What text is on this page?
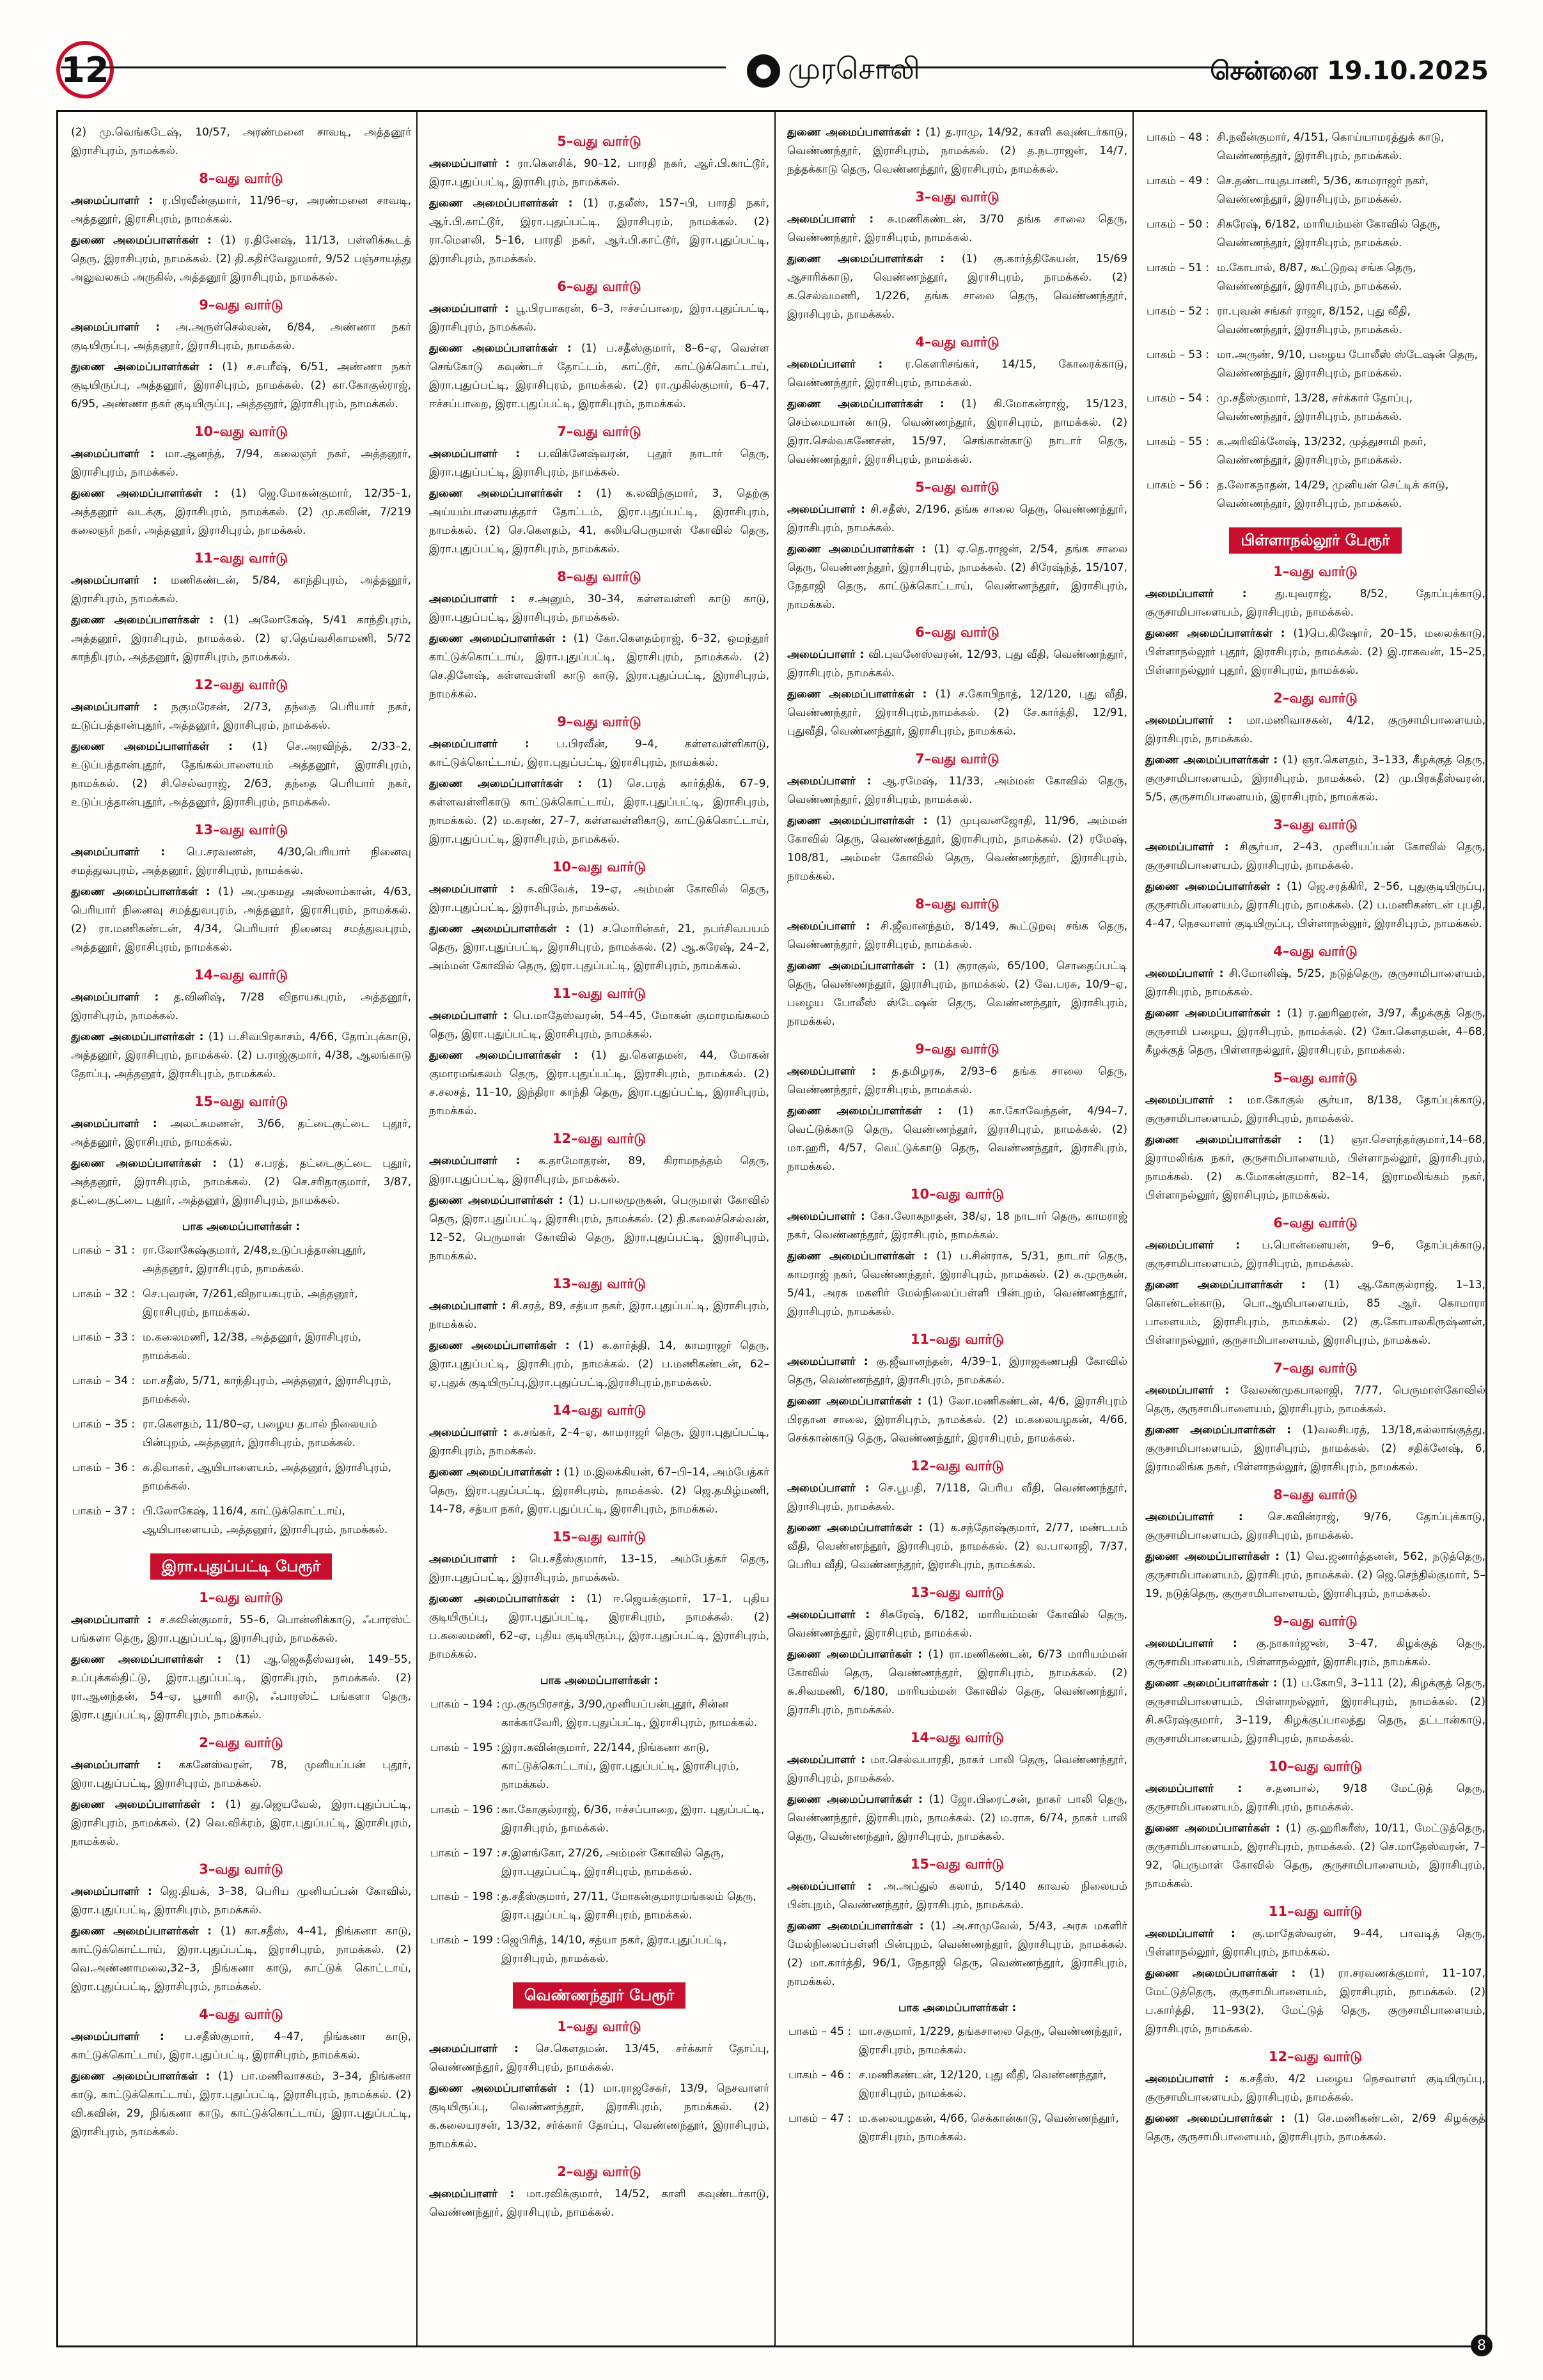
12	● முரசொலி	சென்னை 19.10.2025

(2) மு.வெங்கடேஷ், 10/57, அரண்மனை சாவடி, அத்தனூர் இராசிபுரம், நாமக்கல்.

8–வது வார்டு

அமைப்பாளர் : ர.பிரவீன்குமார், 11/96–ஏ, அரண்மனை சாவடி, அத்தனூர், இராசிபுரம், நாமக்கல்.

துணை அமைப்பாளர்கள் : (1) ர.தினேஷ், 11/13, பள்ளிக்கூடத் தெரு, இராசிபுரம், நாமக்கல். (2) தி.கதிர்வேலுமார், 9/52 பஞ்சாயத்து அலுவலகம் அருகில், அத்தனூர் இராசிபுரம், நாமக்கல்.

9–வது வார்டு

அமைப்பாளர் : அ.அருள்செல்வன், 6/84, அண்ணா நகர் குடியிருப்பு, அத்தனூர், இராசிபுரம், நாமக்கல்.

துணை அமைப்பாளர்கள் : (1) ச.சபரீஷ், 6/51, அண்ணா நகர் குடியிருப்பு, அத்தனூர், இராசிபுரம், நாமக்கல். (2) கா.கோகுல்ராஜ், 6/95, அண்ணா நகர் குடியிருப்பு, அத்தனூர், இராசிபுரம், நாமக்கல்.

10–வது வார்டு

அமைப்பாளர் : மா.ஆனந்த், 7/94, கலைஞர் நகர், அத்தனூர், இராசிபுரம், நாமக்கல்.

துணை அமைப்பாளர்கள் : (1) ஜெ.மோகன்குமார், 12/35–1, அத்தனூர் வடக்கு, இராசிபுரம், நாமக்கல். (2) மு.கவின், 7/219 கலைஞர் நகர், அத்தனூர், இராசிபுரம், நாமக்கல்.

11–வது வார்டு

அமைப்பாளர் : மணிகண்டன், 5/84, காந்திபுரம், அத்தனூர், இராசிபுரம், நாமக்கல்.

துணை அமைப்பாளர்கள் : (1) அலோகேஷ், 5/41 காந்திபுரம், அத்தனூர், இராசிபுரம், நாமக்கல். (2) ஏ.தெய்வசிகாமணி, 5/72 காந்திபுரம், அத்தனூர், இராசிபுரம், நாமக்கல்.

12–வது வார்டு

அமைப்பாளர் : நகுமரேசன், 2/73, தந்தை பெரியார் நகர், உடுப்பத்தான்புதூர், அத்தனூர், இராசிபுரம், நாமக்கல்.

துணை அமைப்பாளர்கள் : (1) செ.அரவிந்த், 2/33–2, உடுப்பத்தான்புதூர், தேங்கல்பாளையம் அத்தனூர், இராசிபுரம், நாமக்கல். (2) சி.செல்வராஜ், 2/63, தந்தை பெரியார் நகர், உடுப்பத்தான்புதூர், அத்தனூர், இராசிபுரம், நாமக்கல்.

13–வது வார்டு

அமைப்பாளர் : பெ.சரவணன், 4/30,பெரியார் நினைவு சமத்துவபுரம், அத்தனூர், இராசிபுரம், நாமக்கல்.

துணை அமைப்பாளர்கள் : (1) அ.முகமது அஸ்லாம்கான், 4/63, பெரியார் நினைவு சமத்துவபுரம், அத்தனூர், இராசிபுரம், நாமக்கல். (2) ரா.மணிகண்டன், 4/34, பெரியார் நினைவு சமத்துவபுரம், அத்தனூர், இராசிபுரம், நாமக்கல்.

14–வது வார்டு

அமைப்பாளர் : த.வினிஷ், 7/28 விநாயகபுரம், அத்தனூர், இராசிபுரம், நாமக்கல்.

துணை அமைப்பாளர்கள் : (1) ப.சிவபிரகாசம், 4/66, தோப்புக்காடு, அத்தனூர், இராசிபுரம், நாமக்கல். (2) ப.ராஜ்குமார், 4/38, ஆலங்காடு தோப்பு, அத்தனூர், இராசிபுரம், நாமக்கல்.

15–வது வார்டு

அமைப்பாளர் : அலட்சுமணன், 3/66, தட்டைகுட்டை புதூர், அத்தனூர், இராசிபுரம், நாமக்கல்.

துணை அமைப்பாளர்கள் : (1) ச.பரத், தட்டைகுட்டை புதூர், அத்தனூர், இராசிபுரம், நாமக்கல். (2) செ.சரிதாகுமார், 3/87, தட்டைகுட்டை புதூர், அத்தனூர், இராசிபுரம், நாமக்கல்.

பாக அமைப்பாளர்கள் :
பாகம் – 31 :	ரா.லோகேஷ்குமார், 2/48,உடுப்பத்தான்புதூர், அத்தனூர், இராசிபுரம், நாமக்கல்.
பாகம் – 32 :	செ.புவரன், 7/261,விநாயகபுரம், அத்தனூர், இராசிபுரம், நாமக்கல்.
பாகம் – 33 :	ம.கலைமணி, 12/38, அத்தனூர், இராசிபுரம், நாமக்கல்.
பாகம் – 34 :	மா.சதீஸ், 5/71, காந்திபுரம், அத்தனூர், இராசிபுரம், நாமக்கல்.
பாகம் – 35 :	ரா.கௌதம், 11/80–ஏ, பழைய தபால் நிலையம் பின்புறம், அத்தனூர், இராசிபுரம், நாமக்கல்.
பாகம் – 36 :	க.திவாகர், ஆயிபாளையம், அத்தனூர், இராசிபுரம், நாமக்கல்.
பாகம் – 37 :	பி.லோகேஷ், 116/4, காட்டுக்கொட்டாய், ஆயிபாளையம், அத்தனூர், இராசிபுரம், நாமக்கல்.
இரா.புதுப்பட்டி பேரூர்
1–வது வார்டு

அமைப்பாளர் : ச.கவின்குமார், 55–6, பொன்னிக்காடு, ஃபாரஸ்ட் பங்களா தெரு, இரா.புதுப்பட்டி, இராசிபுரம், நாமக்கல்.

துணை அமைப்பாளர்கள் : (1) ஆ.ஜெகதீஸ்வரன், 149–55, உப்புக்கல்திட்டு, இரா.புதுப்பட்டி, இராசிபுரம், நாமக்கல். (2) ரா.ஆனந்தன், 54–ஏ, பூசாரி காடு, ஃபாரஸ்ட் பங்களா தெரு, இரா.புதுப்பட்டி, இராசிபுரம், நாமக்கல்.

2–வது வார்டு

அமைப்பாளர் : ககனேஸ்வரன், 78, முனியப்பன் புதூர், இரா.புதுப்பட்டி, இராசிபுரம், நாமக்கல்.

துணை அமைப்பாளர்கள் : (1) து.ஜெயவேல், இரா.புதுப்பட்டி, இராசிபுரம், நாமக்கல். (2) வெ.விக்ரம், இரா.புதுப்பட்டி, இராசிபுரம், நாமக்கல்.

3–வது வார்டு

அமைப்பாளர் : ஜெ.தியக், 3–38, பெரிய முனியப்பன் கோவில், இரா.புதுப்பட்டி, இராசிபுரம், நாமக்கல்.

துணை அமைப்பாளர்கள் : (1) கா.சதீஸ், 4–41, நிங்கனா காடு, காட்டுக்கொட்டாய், இரா.புதுப்பட்டி, இராசிபுரம், நாமக்கல். (2) வெ.அண்ணாமலை,32–3, நிங்கனா காடு, காட்டுக் கொட்டாய், இரா.புதுப்பட்டி, இராசிபுரம், நாமக்கல்.

4–வது வார்டு

அமைப்பாளர் : ப.சதீஸ்குமார், 4–47, நிங்கனா காடு, காட்டுக்கொட்டாய், இரா.புதுப்பட்டி, இராசிபுரம், நாமக்கல்.

துணை அமைப்பாளர்கள் : (1) பா.மணிவாசகம், 3–34, நிங்கனா காடு, காட்டுக்கொட்டாய், இரா.புதுப்பட்டி, இராசிபுரம், நாமக்கல். (2) வி.கவின், 29, நிங்கனா காடு, காட்டுக்கொட்டாய், இரா.புதுப்பட்டி, இராசிபுரம், நாமக்கல்.

5–வது வார்டு

அமைப்பாளர் : ரா.கௌசிக், 90–12, பாரதி நகர், ஆர்.பி.காட்டூர், இரா.புதுப்பட்டி, இராசிபுரம், நாமக்கல்.

துணை அமைப்பாளர்கள் : (1) ர.தலீஸ், 157–பி, பாரதி நகர், ஆர்.பி.காட்டூர், இரா.புதுப்பட்டி, இராசிபுரம், நாமக்கல். (2) ரா.மௌலி, 5–16, பாரதி நகர், ஆர்.பி.காட்டூர், இரா.புதுப்பட்டி, இராசிபுரம், நாமக்கல்.

6–வது வார்டு

அமைப்பாளர் : பூ.பிரபாகரன், 6–3, ஈச்சப்பாறை, இரா.புதுப்பட்டி, இராசிபுரம், நாமக்கல்.

துணை அமைப்பாளர்கள் : (1) ப.சதீஸ்குமார், 8–6–ஏ, வெள்ள செங்கோடு கவுண்டர் தோட்டம், காட்டூர், காட்டுக்கொட்டாய், இரா.புதுப்பட்டி, இராசிபுரம், நாமக்கல். (2) ரா.முகில்குமார், 6–47, ஈச்சப்பாறை, இரா.புதுப்பட்டி, இராசிபுரம், நாமக்கல்.

7–வது வார்டு

அமைப்பாளர் : ப.விக்னேஷ்வரன், புதூர் நாடார் தெரு, இரா.புதுப்பட்டி, இராசிபுரம், நாமக்கல்.

துணை அமைப்பாளர்கள் : (1) க.லவிந்குமார், 3, தெற்கு அய்யம்பாளையத்தார் தோட்டம், இரா.புதுப்பட்டி, இராசிபுரம், நாமக்கல். (2) செ.கௌதம், 41, கலியபெருமாள் கோவில் தெரு, இரா.புதுப்பட்டி, இராசிபுரம், நாமக்கல்.

8–வது வார்டு

அமைப்பாளர் : ச.அனும், 30–34, கள்ளவள்ளி காடு காடு, இரா.புதுப்பட்டி, இராசிபுரம், நாமக்கல்.

துணை அமைப்பாளர்கள் : (1) கோ.கௌதம்ராஜ், 6–32, ஒமந்தூர் காட்டுக்கொட்டாய், இரா.புதுப்பட்டி, இராசிபுரம், நாமக்கல். (2) செ.தினேஷ், கள்ளவள்ளி காடு காடு, இரா.புதுப்பட்டி, இராசிபுரம், நாமக்கல்.

9–வது வார்டு

அமைப்பாளர் : ப.பிரவீன், 9–4, கள்ளவள்ளிகாடு, காட்டுக்கொட்டாய், இரா.புதுப்பட்டி, இராசிபுரம், நாமக்கல்.

துணை அமைப்பாளர்கள் : (1) செ.பரத் கார்த்திக், 67–9, கள்ளவள்ளிகாடு காட்டுக்கொட்டாய், இரா.புதுப்பட்டி, இராசிபுரம், நாமக்கல். (2) ம.கரண், 27–7, கள்ளவள்ளிகாடு, காட்டுக்கொட்டாய், இரா.புதுப்பட்டி, இராசிபுரம், நாமக்கல்.

10–வது வார்டு

அமைப்பாளர் : க.விவேக், 19–ஏ, அம்மன் கோவில் தெரு, இரா.புதுப்பட்டி, இராசிபுரம், நாமக்கல்.

துணை அமைப்பாளர்கள் : (1) ச.மொரின்கர், 21, நபர்சிவபயம் தெரு, இரா.புதுப்பட்டி, இராசிபுரம், நாமக்கல். (2) ஆ.சுரேஷ், 24–2, அம்மன் கோவில் தெரு, இரா.புதுப்பட்டி, இராசிபுரம், நாமக்கல்.

11–வது வார்டு

அமைப்பாளர் : பெ.மாதேஸ்வரன், 54–45, மோகன் குமாரமங்கலம் தெரு, இரா.புதுப்பட்டி, இராசிபுரம், நாமக்கல்.

துணை அமைப்பாளர்கள் : (1) து.கௌதமன், 44, மோகன் குமாரமங்கலம் தெரு, இரா.புதுப்பட்டி, இராசிபுரம், நாமக்கல். (2) ச.சலசத், 11–10, இந்திரா காந்தி தெரு, இரா.புதுப்பட்டி, இராசிபுரம், நாமக்கல்.

12–வது வார்டு

அமைப்பாளர் : க.தாமோதரன், 89, கிராமநத்தம் தெரு, இரா.புதுப்பட்டி, இராசிபுரம், நாமக்கல்.

துணை அமைப்பாளர்கள் : (1) ப.பாலமுருகன், பெருமாள் கோவில் தெரு, இரா.புதுப்பட்டி, இராசிபுரம், நாமக்கல். (2) தி.கலைச்செல்வன், 12–52, பெருமாள் கோவில் தெரு, இரா.புதுப்பட்டி, இராசிபுரம், நாமக்கல்.

13–வது வார்டு

அமைப்பாளர் : சி.சரத், 89, சத்யா நகர், இரா.புதுப்பட்டி, இராசிபுரம், நாமக்கல்.

துணை அமைப்பாளர்கள் : (1) க.கார்த்தி, 14, காமராஜர் தெரு, இரா.புதுப்பட்டி, இராசிபுரம், நாமக்கல். (2) ப.மணிகண்டன், 62–ஏ,புதுக் குடியிருப்பு,இரா.புதுப்பட்டி,இராசிபுரம்,நாமக்கல்.

14–வது வார்டு

அமைப்பாளர் : க.சங்கர், 2–4–ஏ, காமராஜர் தெரு, இரா.புதுப்பட்டி, இராசிபுரம், நாமக்கல்.

துணை அமைப்பாளர்கள் : (1) ம.இலக்கியன், 67–பி–14, அம்பேத்கர் தெரு, இரா.புதுப்பட்டி, இராசிபுரம், நாமக்கல். (2) ஜெ.தமிழ்மணி, 14–78, சத்யா நகர், இரா.புதுப்பட்டி, இராசிபுரம், நாமக்கல்.

15–வது வார்டு

அமைப்பாளர் : பெ.சதீஸ்குமார், 13–15, அம்பேத்கர் தெரு, இரா.புதுப்பட்டி, இராசிபுரம், நாமக்கல்.

துணை அமைப்பாளர்கள் : (1) ஈ.ஜெயக்குமார், 17–1, புதிய குடியிருப்பு, இரா.புதுப்பட்டி, இராசிபுரம், நாமக்கல். (2) ப.கலைமணி, 62–ஏ, புதிய குடியிருப்பு, இரா.புதுப்பட்டி, இராசிபுரம், நாமக்கல்.

பாக அமைப்பாளர்கள் :
பாகம் – 194 :	மு.குருபிரசாத், 3/90,முனியப்பன்புதூர், சின்ன காக்காவேரி, இரா.புதுப்பட்டி, இராசிபுரம், நாமக்கல்.
பாகம் – 195 :	இரா.கவின்குமார், 22/144, நிங்கனா காடு, காட்டுக்கொட்டாய், இரா.புதுப்பட்டி, இராசிபுரம், நாமக்கல்.
பாகம் – 196 :	கா.கோகுல்ராஜ், 6/36, ஈச்சப்பாறை, இரா. புதுப்பட்டி, இராசிபுரம், நாமக்கல்.
பாகம் – 197 :	ச.இளங்கோ, 27/26, அம்மன் கோவில் தெரு, இரா.புதுப்பட்டி, இராசிபுரம், நாமக்கல்.
பாகம் – 198 :	த.சதீஸ்குமார், 27/11, மோகன்குமாரமங்கலம் தெரு, இரா.புதுப்பட்டி, இராசிபுரம், நாமக்கல்.
பாகம் – 199 :	ஜெபிரித், 14/10, சத்யா நகர், இரா.புதுப்பட்டி, இராசிபுரம், நாமக்கல்.
வெண்ணந்தூர் பேரூர்
1–வது வார்டு

அமைப்பாளர் : செ.கௌதமன். 13/45, சர்க்கார் தோப்பு, வெண்ணந்தூர், இராசிபுரம், நாமக்கல்.

துணை அமைப்பாளர்கள் : (1) மா.ராஜசேகர், 13/9, நெசவாளர் குடியிருப்பு, வெண்ணந்தூர், இராசிபுரம், நாமக்கல். (2) க.கலையரசன், 13/32, சர்க்கார் தோப்பு, வெண்ணந்தூர், இராசிபுரம், நாமக்கல்.

2–வது வார்டு

அமைப்பாளர் : மா.ரவிக்குமார், 14/52, காளி கவுண்டர்காடு, வெண்ணந்தூர், இராசிபுரம், நாமக்கல்.

துணை அமைப்பாளர்கள் : (1) த.ராமு, 14/92, காளி கவுண்டர்காடு, வெண்ணந்தூர், இராசிபுரம், நாமக்கல். (2) த.நடராஜன், 14/7, நத்தக்காடு தெரு, வெண்ணந்தூர், இராசிபுரம், நாமக்கல்.

3–வது வார்டு

அமைப்பாளர் : சு.மணிகண்டன், 3/70 தங்க சாலை தெரு, வெண்ணந்தூர், இராசிபுரம், நாமக்கல்.

துணை அமைப்பாளர்கள் : (1) கு.கார்த்திகேயன், 15/69 ஆசாரிக்காடு, வெண்ணந்தூர், இராசிபுரம், நாமக்கல். (2) க.செல்வமணி, 1/226, தங்க சாலை தெரு, வெண்ணந்தூர், இராசிபுரம், நாமக்கல்.

4–வது வார்டு

அமைப்பாளர் : ர.கௌரிசங்கர், 14/15, கோரைக்காடு, வெண்ணந்தூர், இராசிபுரம், நாமக்கல்.

துணை அமைப்பாளர்கள் : (1) கி.மோகன்ராஜ், 15/123, செம்மையான் காடு, வெண்ணந்தூர், இராசிபுரம், நாமக்கல். (2) இரா.செல்வகணேசன், 15/97, செங்கான்காடு நாடார் தெரு, வெண்ணந்தூர், இராசிபுரம், நாமக்கல்.

5–வது வார்டு

அமைப்பாளர் : சி.சதீஸ், 2/196, தங்க சாலை தெரு, வெண்ணந்தூர், இராசிபுரம், நாமக்கல்.

துணை அமைப்பாளர்கள் : (1) ஏ.தெ.ராஜன், 2/54, தங்க சாலை தெரு, வெண்ணந்தூர், இராசிபுரம், நாமக்கல். (2) சிரேஷ்ந்த், 15/107, நேதாஜி தெரு, காட்டுக்கொட்டாய், வெண்ணந்தூர், இராசிபுரம், நாமக்கல்.

6–வது வார்டு

அமைப்பாளர் : வி.புவனேஸ்வரன், 12/93, புது வீதி, வெண்ணந்தூர், இராசிபுரம், நாமக்கல்.

துணை அமைப்பாளர்கள் : (1) ச.கோபிநாத், 12/120, புது வீதி, வெண்ணந்தூர், இராசிபுரம்,நாமக்கல். (2) சே.கார்த்தி, 12/91, புதுவீதி, வெண்ணந்தூர், இராசிபுரம், நாமக்கல்.

7–வது வார்டு

அமைப்பாளர் : ஆ.ரமேஷ், 11/33, அம்மன் கோவில் தெரு, வெண்ணந்தூர், இராசிபுரம், நாமக்கல்.

துணை அமைப்பாளர்கள் : (1) முபுவனஜோதி, 11/96, அம்மன் கோவில் தெரு, வெண்ணந்தூர், இராசிபுரம், நாமக்கல். (2) ரமேஷ், 108/81, அம்மன் கோவில் தெரு, வெண்ணந்தூர், இராசிபுரம், நாமக்கல்.

8–வது வார்டு

அமைப்பாளர் : சி.ஜீவானந்தம், 8/149, கூட்டுறவு சங்க தெரு, வெண்ணந்தூர், இராசிபுரம், நாமக்கல்.

துணை அமைப்பாளர்கள் : (1) குராகுல், 65/100, சொதைப்பட்டி தெரு, வெண்ணந்தூர், இராசிபுரம், நாமக்கல். (2) வே.பரசு, 10/9–ஏ, பழைய போலீஸ் ஸ்டேஷன் தெரு, வெண்ணந்தூர், இராசிபுரம், நாமக்கல்.

9–வது வார்டு

அமைப்பாளர் : த.தமிழரசு, 2/93–6 தங்க சாலை தெரு, வெண்ணந்தூர், இராசிபுரம், நாமக்கல்.

துணை அமைப்பாளர்கள் : (1) கா.கோவேந்தன், 4/94–7, வெட்டுக்காடு தெரு, வெண்ணந்தூர், இராசிபுரம், நாமக்கல். (2) மா.ஹரி, 4/57, வெட்டுக்காடு தெரு, வெண்ணந்தூர், இராசிபுரம், நாமக்கல்.

10–வது வார்டு

அமைப்பாளர் : கோ.லோகநாதன், 38/ஏ, 18 நாடார் தெரு, காமராஜ் நகர், வெண்ணந்தூர், இராசிபுரம், நாமக்கல்.

துணை அமைப்பாளர்கள் : (1) ப.சின்ராசு, 5/31, நாடார் தெரு, காமராஜ் நகர், வெண்ணந்தூர், இராசிபுரம், நாமக்கல். (2) க.முருகன், 5/41, அரசு மகளிர் மேல்நிலைப்பள்ளி பின்புறம், வெண்ணந்தூர், இராசிபுரம், நாமக்கல்.

11–வது வார்டு

அமைப்பாளர் : கு.ஜீவானந்தன், 4/39–1, இராஜகணபதி கோவில் தெரு, வெண்ணந்தூர், இராசிபுரம், நாமக்கல்.

துணை அமைப்பாளர்கள் : (1) லோ.மணிகண்டன், 4/6, இராசிபுரம் பிரதான சாலை, இராசிபுரம், நாமக்கல். (2) ம.கலையழகன், 4/66, செக்கான்காடு தெரு, வெண்ணந்தூர், இராசிபுரம், நாமக்கல்.

12–வது வார்டு

அமைப்பாளர் : செ.பூபதி, 7/118, பெரிய வீதி, வெண்ணந்தூர், இராசிபுரம், நாமக்கல்.

துணை அமைப்பாளர்கள் : (1) க.சந்தோஷ்குமார், 2/77, மண்டபம் வீதி, வெண்ணந்தூர், இராசிபுரம், நாமக்கல். (2) வ.பாலாஜி, 7/37, பெரிய வீதி, வெண்ணந்தூர், இராசிபுரம், நாமக்கல்.

13–வது வார்டு

அமைப்பாளர் : சிசுரேஷ், 6/182, மாரியம்மன் கோவில் தெரு, வெண்ணந்தூர், இராசிபுரம், நாமக்கல்.

துணை அமைப்பாளர்கள் : (1) ரா.மணிகண்டன், 6/73 மாரியம்மன் கோவில் தெரு, வெண்ணந்தூர், இராசிபுரம், நாமக்கல். (2) சு.சிவமணி, 6/180, மாரியம்மன் கோவில் தெரு, வெண்ணந்தூர், இராசிபுரம், நாமக்கல்.

14–வது வார்டு

அமைப்பாளர் : மா.செல்வபாரதி, நாகர் பாலி தெரு, வெண்ணந்தூர், இராசிபுரம், நாமக்கல்.

துணை அமைப்பாளர்கள் : (1) ஜோ.பிரைட்சன், நாகர் பாலி தெரு, வெண்ணந்தூர், இராசிபுரம், நாமக்கல். (2) ம.ராசு, 6/74, நாகர் பாலி தெரு, வெண்ணந்தூர், இராசிபுரம், நாமக்கல்.

15–வது வார்டு

அமைப்பாளர் : அ.அப்துல் கலாம், 5/140 காவல் நிலையம் பின்புறம், வெண்ணந்தூர், இராசிபுரம், நாமக்கல்.

துணை அமைப்பாளர்கள் : (1) அ.சாமுவேல், 5/43, அரசு மகளிர் மேல்நிலைப்பள்ளி பின்புறம், வெண்ணந்தூர், இராசிபுரம், நாமக்கல். (2) மா.கார்த்தி, 96/1, நேதாஜி தெரு, வெண்ணந்தூர், இராசிபுரம், நாமக்கல்.

பாக அமைப்பாளர்கள் :
பாகம் – 45 :	மா.சகுமார், 1/229, தங்கசாலை தெரு, வெண்ணந்தூர், இராசிபுரம், நாமக்கல்.
பாகம் – 46 :	ச.மணிகண்டன், 12/120, புது வீதி, வெண்ணந்தூர், இராசிபுரம், நாமக்கல்.
பாகம் – 47 :	ம.கலையழகன், 4/66, செக்கான்காடு, வெண்ணந்தூர், இராசிபுரம், நாமக்கல்.
பாகம் – 48 :	சி.நவீன்குமார், 4/151, கொய்யாமரத்துக் காடு, வெண்ணந்தூர், இராசிபுரம், நாமக்கல்.
பாகம் – 49 :	செ.தண்டாயுதபாணி, 5/36, காமராஜர் நகர், வெண்ணந்தூர், இராசிபுரம், நாமக்கல்.
பாகம் – 50 :	சிசுரேஷ், 6/182, மாரியம்மன் கோவில் தெரு, வெண்ணந்தூர், இராசிபுரம், நாமக்கல்.
பாகம் – 51 :	ம.கோபால், 8/87, கூட்டுறவு சங்க தெரு, வெண்ணந்தூர், இராசிபுரம், நாமக்கல்.
பாகம் – 52 :	ரா.புவன் சங்கர் ராஜா, 8/152, புது வீதி, வெண்ணந்தூர், இராசிபுரம், நாமக்கல்.
பாகம் – 53 :	மா.அருண், 9/10, பழைய போலீஸ் ஸ்டேஷன் தெரு, வெண்ணந்தூர், இராசிபுரம், நாமக்கல்.
பாகம் – 54 :	மு.சதீஸ்குமார், 13/28, சர்க்கார் தோப்பு, வெண்ணந்தூர், இராசிபுரம், நாமக்கல்.
பாகம் – 55 :	க.அரிவிக்னேஷ், 13/232, முத்துசாமி நகர், வெண்ணந்தூர், இராசிபுரம், நாமக்கல்.
பாகம் – 56 :	த.லோகநாதன், 14/29, முனியன் செட்டிக் காடு, வெண்ணந்தூர், இராசிபுரம், நாமக்கல்.
பிள்ளாநல்லூர் பேரூர்
1–வது வார்டு

அமைப்பாளர் : து.யுவராஜ், 8/52, தோப்புக்காடு, குருசாமிபாளையம், இராசிபுரம், நாமக்கல்.

துணை அமைப்பாளர்கள் : (1)பெ.கிஷோர், 20–15, மலைக்காடு, பிள்ளாநல்லூர் புதூர், இராசிபுரம், நாமக்கல். (2) இ.ராகவன், 15–25, பிள்ளாநல்லூர் புதூர், இராசிபுரம், நாமக்கல்.

2–வது வார்டு

அமைப்பாளர் : மா.மணிவாசகன், 4/12, குருசாமிபாளையம், இராசிபுரம், நாமக்கல்.

துணை அமைப்பாளர்கள் : (1) ஞா.கௌதம், 3–133, கீழக்குத் தெரு, குருசாமிபாளையம், இராசிபுரம், நாமக்கல். (2) மு.பிரகதீஸ்வரன், 5/5, குருசாமிபாளையம், இராசிபுரம், நாமக்கல்.

3–வது வார்டு

அமைப்பாளர் : சிசூர்யா, 2–43, முனியப்பன் கோவில் தெரு, குருசாமிபாளையம், இராசிபுரம், நாமக்கல்.

துணை அமைப்பாளர்கள் : (1) ஜெ.சரத்கிரி, 2–56, புதுகுடியிருப்பு, குருசாமிபாளையம், இராசிபுரம், நாமக்கல். (2) ப.மணிகண்டன் புபதி, 4–47, நெசவாளர் குடியிருப்பு, பிள்ளாநல்லூர், இராசிபுரம், நாமக்கல்.

4–வது வார்டு

அமைப்பாளர் : சி.மோனிஷ், 5/25, நடுத்தெரு, குருசாமிபாளையம், இராசிபுரம், நாமக்கல்.

துணை அமைப்பாளர்கள் : (1) ர.ஹரிஹரன், 3/97, கீழக்குத் தெரு, குருசாமி பழைய, இராசிபுரம், நாமக்கல். (2) கோ.கௌதமன், 4–68, கீழக்குத் தெரு, பிள்ளாநல்லூர், இராசிபுரம், நாமக்கல்.

5–வது வார்டு

அமைப்பாளர் : மா.கோகுல் சூர்யா, 8/138, தோப்புக்காடு, குருசாமிபாளையம், இராசிபுரம், நாமக்கல்.

துணை அமைப்பாளர்கள் : (1) ஞா.சௌந்தர்குமார்,14–68, இராமலிங்க நகர், குருசாமிபாளையம், பிள்ளாநல்லூர், இராசிபுரம், நாமக்கல். (2) க.மோகன்குமார், 82–14, இராமலிங்கம் நகர், பிள்ளாநல்லூர், இராசிபுரம், நாமக்கல்.

6–வது வார்டு

அமைப்பாளர் : ப.பொன்னையன், 9–6, தோப்புக்காடு, குருசாமிபாளையம், இராசிபுரம், நாமக்கல்.

துணை அமைப்பாளர்கள் : (1) ஆ.கோகுல்ராஜ், 1–13, கொண்டன்காடு, பொ.ஆயிபாளையம், 85 ஆர். கொமாரா பாளையம், இராசிபுரம், நாமக்கல். (2) கு.கோபாலகிருஷ்ணன், பிள்ளாநல்லூர், குருசாமிபாளையம், இராசிபுரம், நாமக்கல்.

7–வது வார்டு

அமைப்பாளர் : வேலண்முகபாலாஜி, 7/77, பெருமாள்கோவில் தெரு, குருசாமிபாளையம், இராசிபுரம், நாமக்கல்.

துணை அமைப்பாளர்கள் : (1)வலசிபரத், 13/18,கல்லாங்குத்து, குருசாமிபாளையம், இராசிபுரம், நாமக்கல். (2) சதிக்னேஷ், 6, இராமலிங்க நகர், பிள்ளாநல்லூர், இராசிபுரம், நாமக்கல்.

8–வது வார்டு

அமைப்பாளர் : செ.கவின்ராஜ், 9/76, தோப்புக்காடு, குருசாமிபாளையம், இராசிபுரம், நாமக்கல்.

துணை அமைப்பாளர்கள் : (1) வெ.ஜனார்த்தனன், 562, நடுத்தெரு, குருசாமிபாளையம், இராசிபுரம், நாமக்கல். (2) ஜெ.செந்தில்குமார், 5–19, நடுத்தெரு, குருசாமிபாளையம், இராசிபுரம், நாமக்கல்.

9–வது வார்டு

அமைப்பாளர் : கு.நாகார்ஜுன், 3–47, கிழக்குத் தெரு, குருசாமிபாளையம், பிள்ளாநல்லூர், இராசிபுரம், நாமக்கல்.

துணை அமைப்பாளர்கள் : (1) ப.கோபி, 3–111 (2), கிழக்குத் தெரு, குருசாமிபாளையம், பிள்ளாநல்லூர், இராசிபுரம், நாமக்கல். (2) சி.சுரேஷ்குமார், 3–119, கிழக்குப்பாலத்து தெரு, தட்டான்காடு, குருசாமிபாளையம், இராசிபுரம், நாமக்கல்.

10–வது வார்டு

அமைப்பாளர் : ச.தனபால், 9/18 மேட்டுத் தெரு, குருசாமிபாளையம், இராசிபுரம், நாமக்கல்.

துணை அமைப்பாளர்கள் : (1) கு.ஹரிசுரீஸ், 10/11, மேட்டுத்தெரு, குருசாமிபாளையம், இராசிபுரம், நாமக்கல். (2) செ.மாதேஸ்வரன், 7–92, பெருமாள் கோவில் தெரு, குருசாமிபாளையம், இராசிபுரம், நாமக்கல்.

11–வது வார்டு

அமைப்பாளர் : கு.மாதேஸ்வரன், 9–44, பாவடித் தெரு, பிள்ளாநல்லூர், இராசிபுரம், நாமக்கல்.

துணை அமைப்பாளர்கள் : (1) ரா.சரவணக்குமார், 11–107, மேட்டுத்தெரு, குருசாமிபாளையம், இராசிபுரம், நாமக்கல். (2) ப.கார்த்தி, 11–93(2), மேட்டுத் தெரு, குருசாமிபாளையம், இராசிபுரம், நாமக்கல்.

12–வது வார்டு

அமைப்பாளர் : க.சதீஸ், 4/2 பழைய நெசவாளர் குடியிருப்பு, குருசாமிபாளையம், இராசிபுரம், நாமக்கல்.

துணை அமைப்பாளர்கள் : (1) செ.மணிகண்டன், 2/69 கிழக்குத் தெரு, குருசாமிபாளையம், இராசிபுரம், நாமக்கல்.

8
